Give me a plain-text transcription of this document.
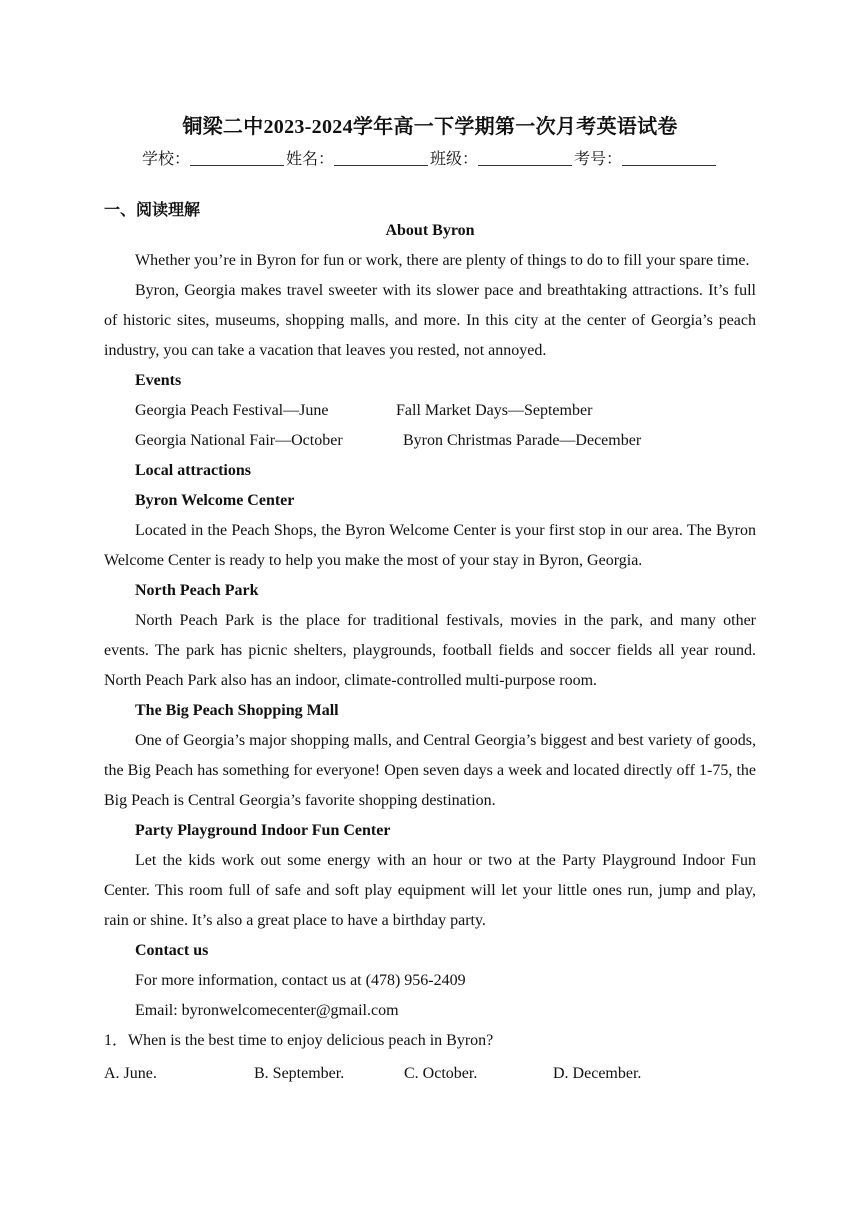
铜梁二中2023-2024学年高一下学期第一次月考英语试卷
学校：	姓名：	班级：	考号：
一、阅读理解
About Byron

Whether you’re in Byron for fun or work, there are plenty of things to do to fill your spare time.

Byron, Georgia makes travel sweeter with its slower pace and breathtaking attractions. It’s full of historic sites, museums, shopping malls, and more. In this city at the center of Georgia’s peach industry, you can take a vacation that leaves you rested, not annoyed.

Events

Georgia Peach Festival—June	Fall Market Days—September
Georgia National Fair—October	Byron Christmas Parade—December

Local attractions

Byron Welcome Center

Located in the Peach Shops, the Byron Welcome Center is your first stop in our area. The Byron Welcome Center is ready to help you make the most of your stay in Byron, Georgia.

North Peach Park

North Peach Park is the place for traditional festivals, movies in the park, and many other events. The park has picnic shelters, playgrounds, football fields and soccer fields all year round. North Peach Park also has an indoor, climate-controlled multi-purpose room.

The Big Peach Shopping Mall

One of Georgia’s major shopping malls, and Central Georgia’s biggest and best variety of goods, the Big Peach has something for everyone! Open seven days a week and located directly off 1-75, the Big Peach is Central Georgia’s favorite shopping destination.

Party Playground Indoor Fun Center

Let the kids work out some energy with an hour or two at the Party Playground Indoor Fun Center. This room full of safe and soft play equipment will let your little ones run, jump and play, rain or shine. It’s also a great place to have a birthday party.

Contact us

For more information, contact us at (478) 956-2409

Email: byronwelcomecenter@gmail.com

1．When is the best time to enjoy delicious peach in Byron?

A. June.	B. September.	C. October.	D. December.
